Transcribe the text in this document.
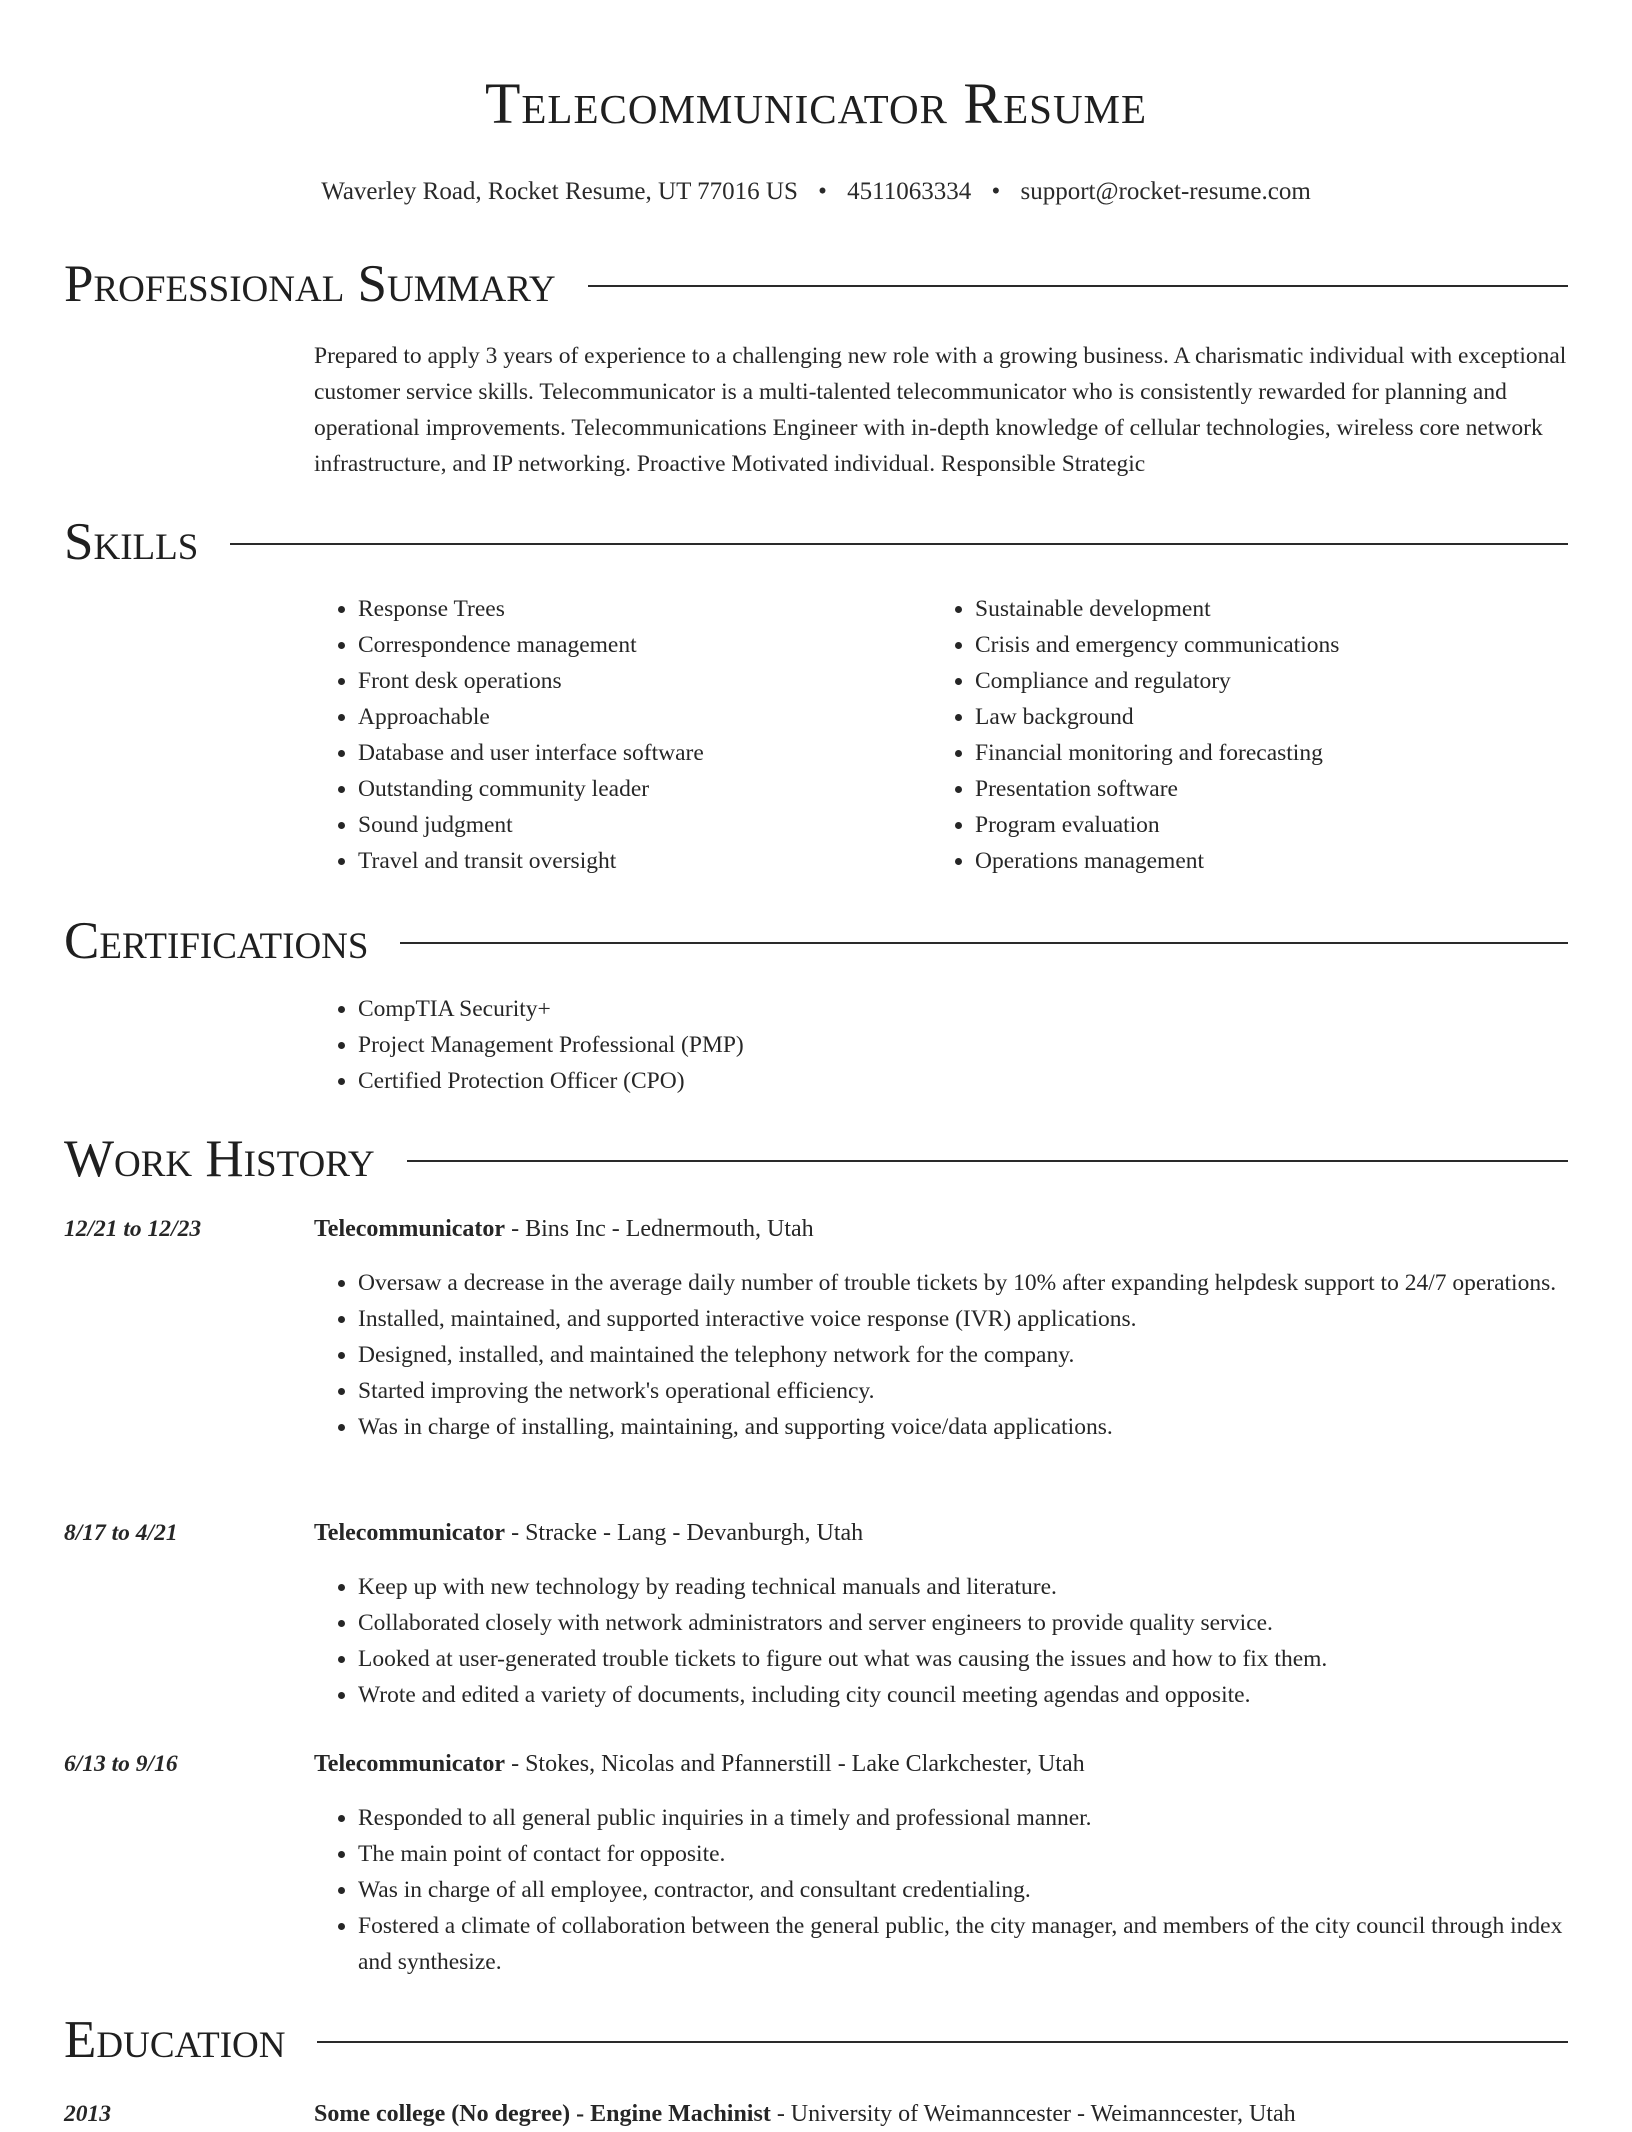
Telecommunicator Resume
Waverley Road, Rocket Resume, UT 77016 US • 4511063334 • support@rocket-resume.com
Professional Summary

Prepared to apply 3 years of experience to a challenging new role with a growing business. A charismatic individual with exceptional customer service skills. Telecommunicator is a multi-talented telecommunicator who is consistently rewarded for planning and operational improvements. Telecommunications Engineer with in-depth knowledge of cellular technologies, wireless core network infrastructure, and IP networking. Proactive Motivated individual. Responsible Strategic

Skills
• Response Trees
• Correspondence management
• Front desk operations
• Approachable
• Database and user interface software
• Outstanding community leader
• Sound judgment
• Travel and transit oversight
• Sustainable development
• Crisis and emergency communications
• Compliance and regulatory
• Law background
• Financial monitoring and forecasting
• Presentation software
• Program evaluation
• Operations management
Certifications
• CompTIA Security+
• Project Management Professional (PMP)
• Certified Protection Officer (CPO)
Work History
12/21 to 12/23	Telecommunicator - Bins Inc - Lednermouth, Utah
• Oversaw a decrease in the average daily number of trouble tickets by 10% after expanding helpdesk support to 24/7 operations.
• Installed, maintained, and supported interactive voice response (IVR) applications.
• Designed, installed, and maintained the telephony network for the company.
• Started improving the network's operational efficiency.
• Was in charge of installing, maintaining, and supporting voice/data applications.
8/17 to 4/21	Telecommunicator - Stracke - Lang - Devanburgh, Utah
• Keep up with new technology by reading technical manuals and literature.
• Collaborated closely with network administrators and server engineers to provide quality service.
• Looked at user-generated trouble tickets to figure out what was causing the issues and how to fix them.
• Wrote and edited a variety of documents, including city council meeting agendas and opposite.
6/13 to 9/16	Telecommunicator - Stokes, Nicolas and Pfannerstill - Lake Clarkchester, Utah
• Responded to all general public inquiries in a timely and professional manner.
• The main point of contact for opposite.
• Was in charge of all employee, contractor, and consultant credentialing.
• Fostered a climate of collaboration between the general public, the city manager, and members of the city council through index and synthesize.
Education
2013	Some college (No degree) - Engine Machinist - University of Weimanncester - Weimanncester, Utah
